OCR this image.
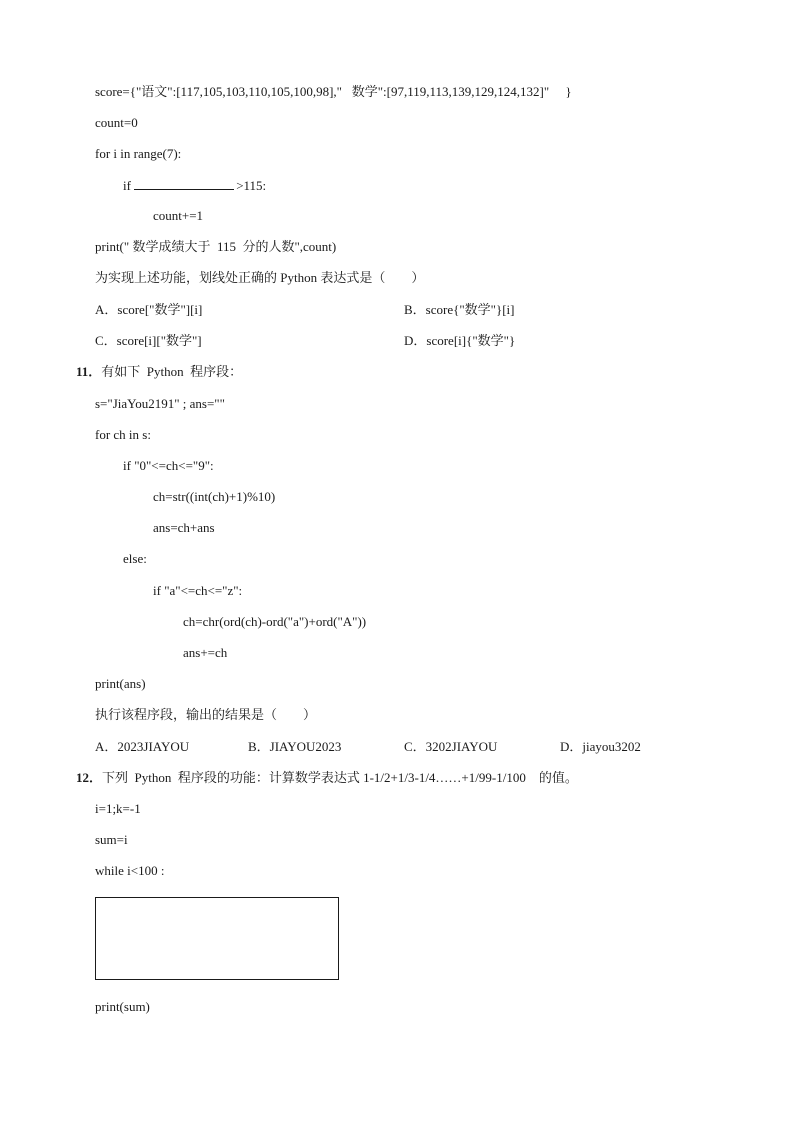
score={"语文":[117,105,103,110,105,100,98],"   数学":[97,119,113,139,129,124,132]"     }
count=0
for i in range(7):
if	>115:
count+=1
print(" 数学成绩大于  115  分的人数",count)
为实现上述功能，划线处正确的 Python 表达式是（        ）
A．score["数学"][i]	B．score{"数学"}[i]
C．score[i]["数学"]	D．score[i]{"数学"}
11．有如下  Python  程序段：
s="JiaYou2191" ; ans=""
for ch in s:
if "0"<=ch<="9":
ch=str((int(ch)+1)%10)
ans=ch+ans
else:
if "a"<=ch<="z":
ch=chr(ord(ch)-ord("a")+ord("A"))
ans+=ch
print(ans)
执行该程序段，输出的结果是（        ）
A．2023JIAYOU	B．JIAYOU2023	C．3202JIAYOU	D．jiayou3202
12．下列  Python  程序段的功能：计算数学表达式 1-1/2+1/3-1/4……+1/99-1/100    的值。
i=1;k=-1
sum=i
while i<100 :
print(sum)
